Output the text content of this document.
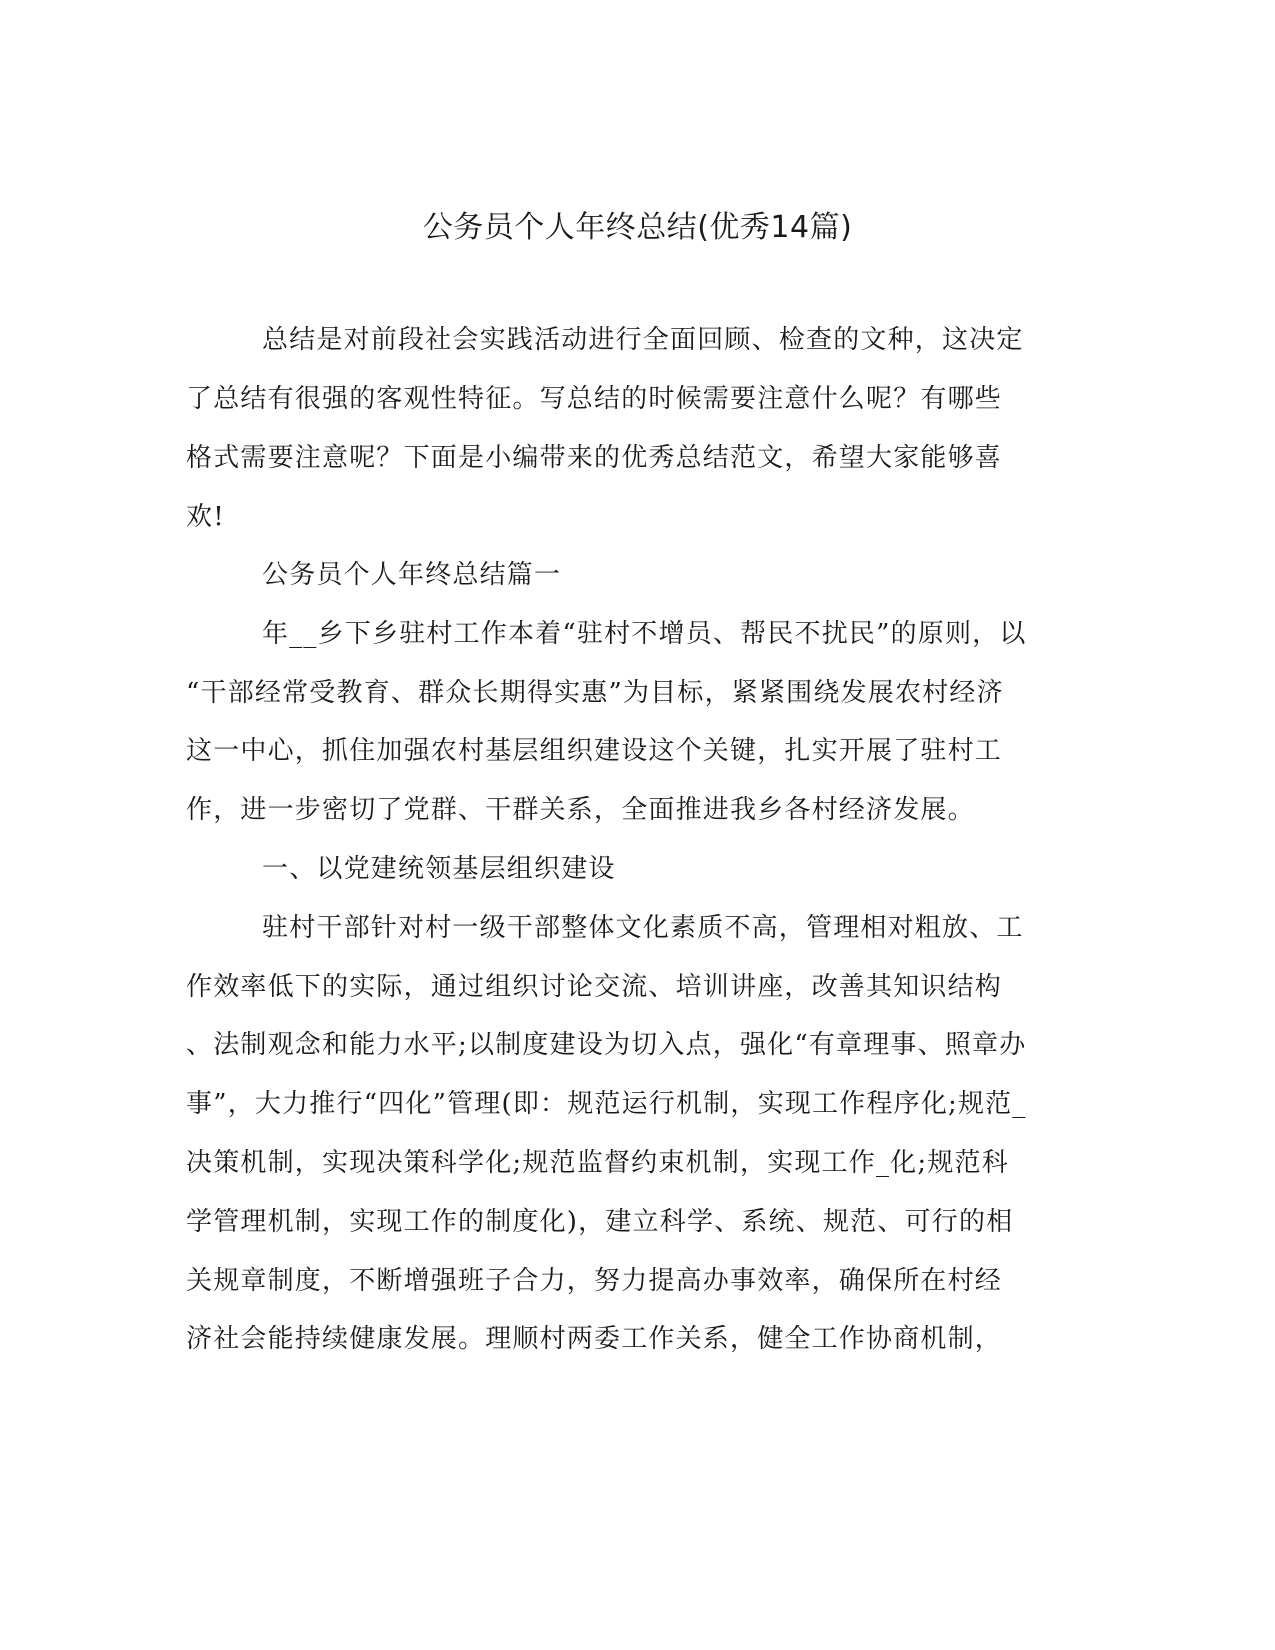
公务员个人年终总结(优秀14篇)
总结是对前段社会实践活动进行全面回顾、检查的文种，这决定
了总结有很强的客观性特征。写总结的时候需要注意什么呢？有哪些
格式需要注意呢？下面是小编带来的优秀总结范文，希望大家能够喜
欢!
公务员个人年终总结篇一
年__乡下乡驻村工作本着“驻村不增员、帮民不扰民”的原则，以
“干部经常受教育、群众长期得实惠”为目标，紧紧围绕发展农村经济
这一中心，抓住加强农村基层组织建设这个关键，扎实开展了驻村工
作，进一步密切了党群、干群关系，全面推进我乡各村经济发展。
一、以党建统领基层组织建设
驻村干部针对村一级干部整体文化素质不高，管理相对粗放、工
作效率低下的实际，通过组织讨论交流、培训讲座，改善其知识结构
、法制观念和能力水平;以制度建设为切入点，强化“有章理事、照章办
事”，大力推行“四化”管理(即：规范运行机制，实现工作程序化;规范_
决策机制，实现决策科学化;规范监督约束机制，实现工作_化;规范科
学管理机制，实现工作的制度化)，建立科学、系统、规范、可行的相
关规章制度，不断增强班子合力，努力提高办事效率，确保所在村经
济社会能持续健康发展。理顺村两委工作关系，健全工作协商机制，
